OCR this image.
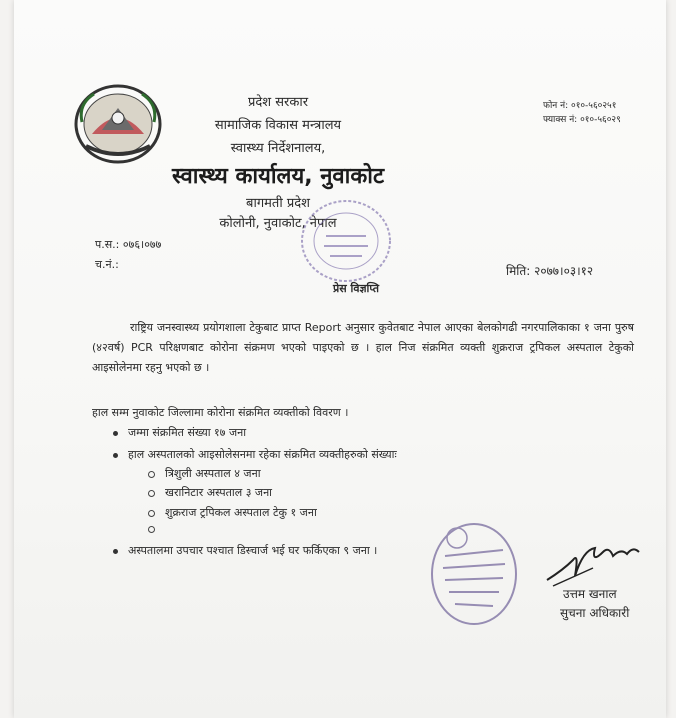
प्रदेश सरकार
सामाजिक विकास मन्त्रालय
स्वास्थ्य निर्देशनालय,
स्वास्थ्य कार्यालय, नुवाकोट
बागमती प्रदेश
कोलोनी, नुवाकोट, नेपाल
फोन नं: ०१०-५६०२५१
फ्याक्स नं: ०१०-५६०२९
प.स.: ०७६।०७७
च.नं.:	मिति: २०७७।०३।१२
प्रेस विज्ञप्ति
राष्ट्रिय जनस्वास्थ्य प्रयोगशाला टेकुबाट प्राप्त Report अनुसार कुवेतबाट नेपाल आएका बेलकोगढी नगरपालिकाका १ जना पुरुष (४२वर्ष) PCR परिक्षणबाट कोरोना संक्रमण भएको पाइएको छ । हाल निज संक्रमित व्यक्ती शुक्रराज ट्रपिकल अस्पताल टेकुको आइसोलेनमा रहनु भएको छ ।
हाल सम्म नुवाकोट जिल्लामा कोरोना संक्रमित व्यक्तीको विवरण ।
जम्मा संक्रमित संख्या १७ जना
हाल अस्पतालको आइसोलेसनमा रहेका संक्रमित व्यक्तीहरुको संख्याः
त्रिशुली अस्पताल ४ जना
खरानिटार अस्पताल ३ जना
शुक्रराज ट्रपिकल अस्पताल टेकु १ जना
अस्पतालमा उपचार पश्चात डिस्चार्ज भई घर फर्किएका ९ जना ।
उत्तम खनाल
सुचना अधिकारी
